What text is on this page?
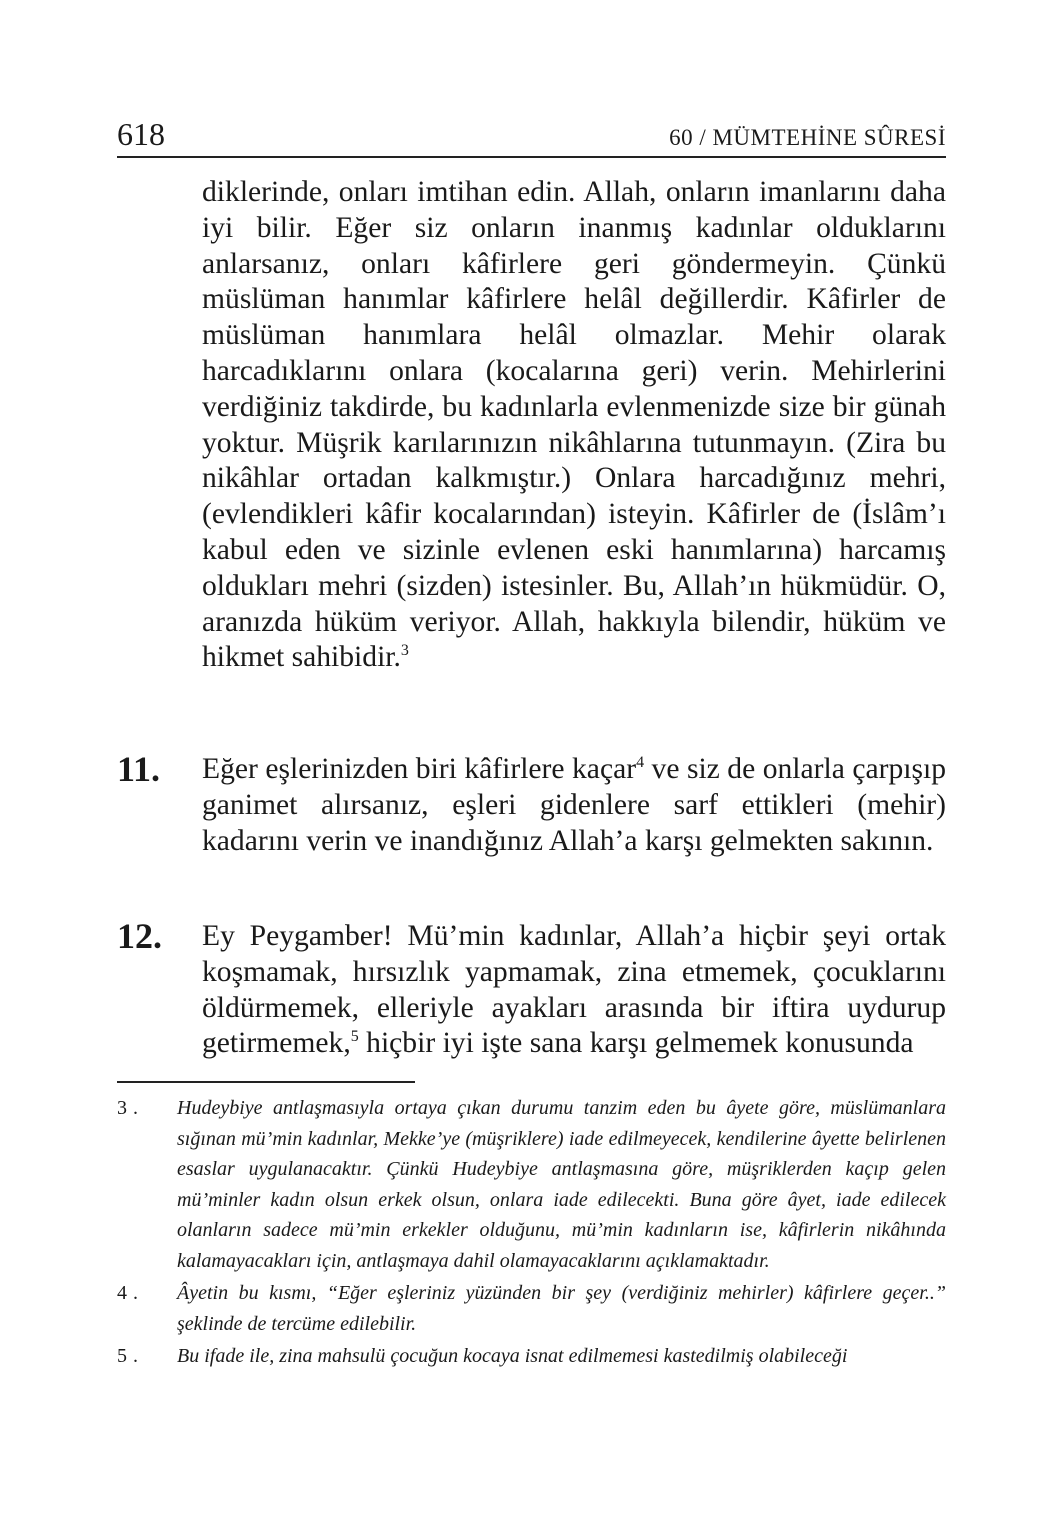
618	60 / MÜMTEHİNE SÛRESİ
diklerinde, onları imtihan edin. Allah, onların imanlarını daha iyi bilir. Eğer siz onların inanmış kadınlar olduklarını anlarsanız, onları kâfirlere geri göndermeyin. Çünkü müslüman hanımlar kâfirlere helâl değillerdir. Kâfirler de müslüman hanımlara helâl olmazlar. Mehir olarak harcadıklarını onlara (kocalarına geri) verin. Mehirlerini verdiğiniz takdirde, bu kadınlarla evlenmenizde size bir günah yoktur. Müşrik karılarınızın nikâhlarına tutunmayın. (Zira bu nikâhlar ortadan kalkmıştır.) Onlara harcadığınız mehri, (evlendikleri kâfir kocalarından) isteyin. Kâfirler de (İslâm’ı kabul eden ve sizinle evlenen eski hanımlarına) harcamış oldukları mehri (sizden) istesinler. Bu, Allah’ın hükmüdür. O, aranızda hüküm veriyor. Allah, hakkıyla bilendir, hüküm ve hikmet sahibidir.$^3$
11. Eğer eşlerinizden biri kâfirlere kaçar$^4$ ve siz de onlarla çarpışıp ganimet alırsanız, eşleri gidenlere sarf ettikleri (mehir) kadarını verin ve inandığınız Allah’a karşı gelmekten sakının.
12. Ey Peygamber! Mü’min kadınlar, Allah’a hiçbir şeyi ortak koşmamak, hırsızlık yapmamak, zina etmemek, çocuklarını öldürmemek, elleriyle ayakları arasında bir iftira uydurup getirmemek,$^5$ hiçbir iyi işte sana karşı gelmemek konusunda
3. Hudeybiye antlaşmasıyla ortaya çıkan durumu tanzim eden bu âyete göre, müslümanlara sığınan mü’min kadınlar, Mekke’ye (müşriklere) iade edilmeyecek, kendilerine âyette belirlenen esaslar uygulanacaktır. Çünkü Hudeybiye antlaşmasına göre, müşriklerden kaçıp gelen mü’minler kadın olsun erkek olsun, onlara iade edilecekti. Buna göre âyet, iade edilecek olanların sadece mü’min erkekler olduğunu, mü’min kadınların ise, kâfirlerin nikâhında kalamayacakları için, antlaşmaya dahil olamayacaklarını açıklamaktadır.
4. Âyetin bu kısmı, “Eğer eşleriniz yüzünden bir şey (verdiğiniz mehirler) kâfirlere geçer..” şeklinde de tercüme edilebilir.
5. Bu ifade ile, zina mahsulü çocuğun kocaya isnat edilmemesi kastedilmiş olabileceği
